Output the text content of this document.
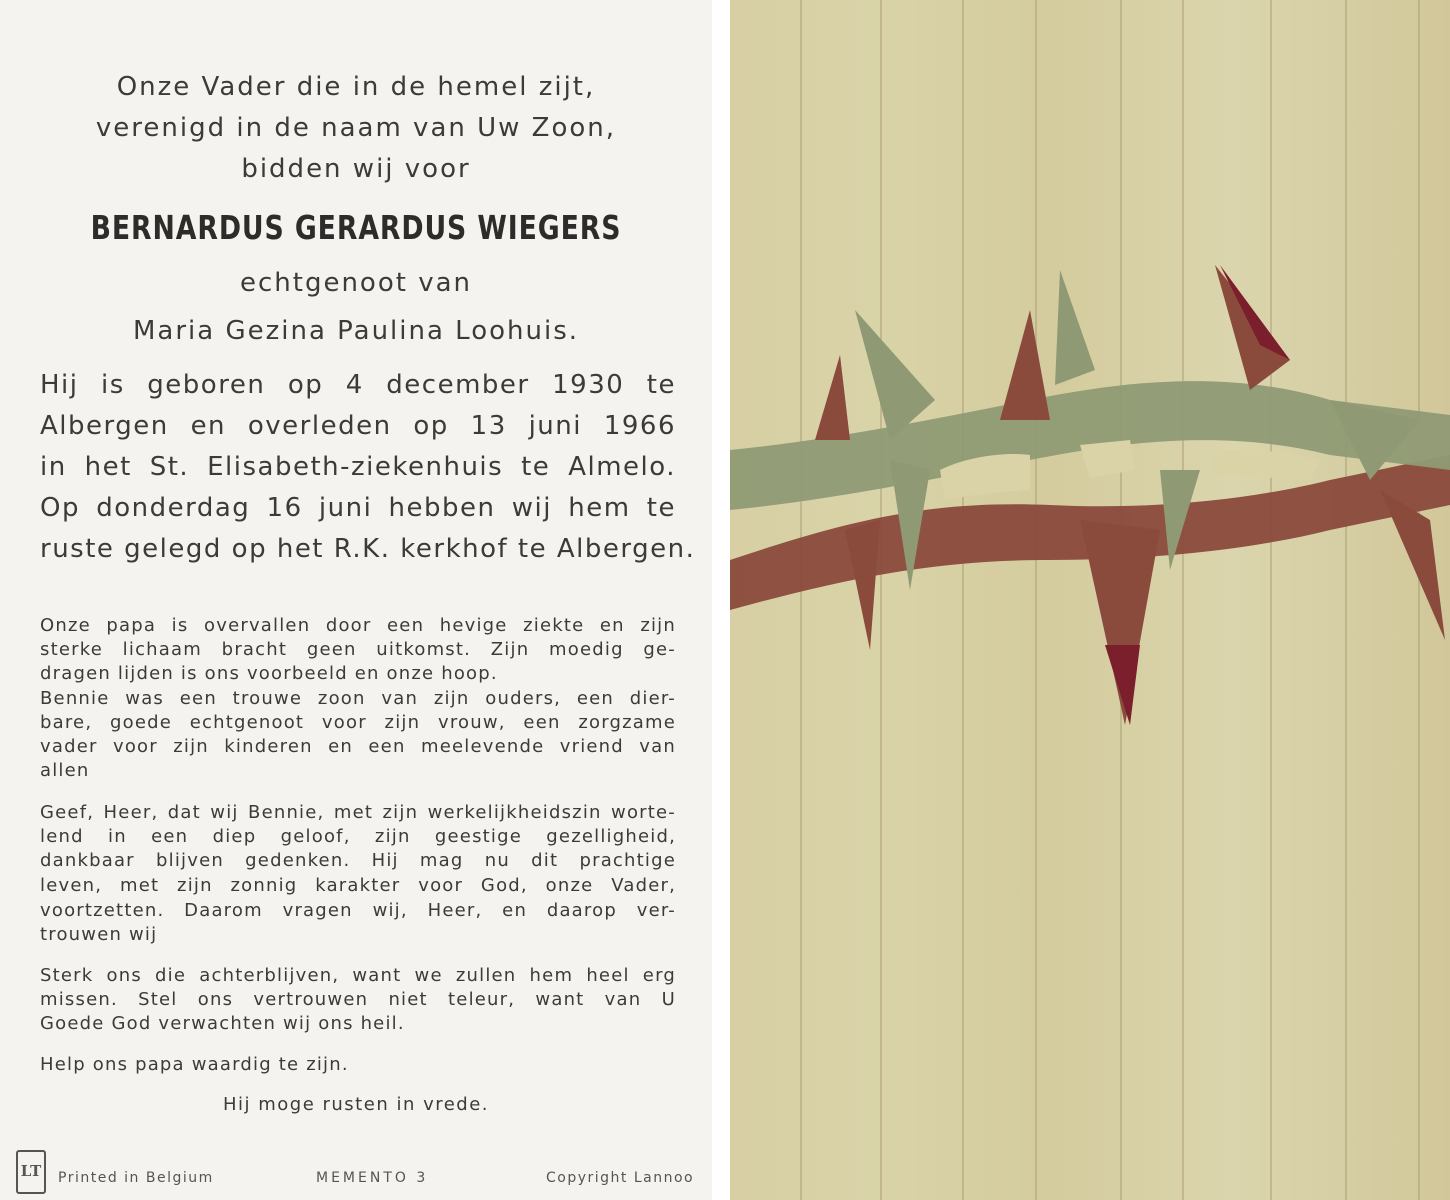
Onze Vader die in de hemel zijt,
verenigd in de naam van Uw Zoon,
bidden wij voor
BERNARDUS GERARDUS WIEGERS
echtgenoot van
Maria Gezina Paulina Loohuis.
Hij is geboren op 4 december 1930 te
Albergen en overleden op 13 juni 1966
in het St. Elisabeth-ziekenhuis te Almelo.
Op donderdag 16 juni hebben wij hem te
ruste gelegd op het R.K. kerkhof te Albergen.
Onze papa is overvallen door een hevige ziekte en zijn
sterke lichaam bracht geen uitkomst. Zijn moedig ge-
dragen lijden is ons voorbeeld en onze hoop.
Bennie was een trouwe zoon van zijn ouders, een dier-
bare, goede echtgenoot voor zijn vrouw, een zorgzame
vader voor zijn kinderen en een meelevende vriend van
allen
Geef, Heer, dat wij Bennie, met zijn werkelijkheidszin worte-
lend in een diep geloof, zijn geestige gezelligheid,
dankbaar blijven gedenken. Hij mag nu dit prachtige
leven, met zijn zonnig karakter voor God, onze Vader,
voortzetten. Daarom vragen wij, Heer, en daarop ver-
trouwen wij
Sterk ons die achterblijven, want we zullen hem heel erg
missen. Stel ons vertrouwen niet teleur, want van U
Goede God verwachten wij ons heil.
Help ons papa waardig te zijn.
Hij moge rusten in vrede.
LT	Printed in Belgium	MEMENTO 3	Copyright Lannoo
